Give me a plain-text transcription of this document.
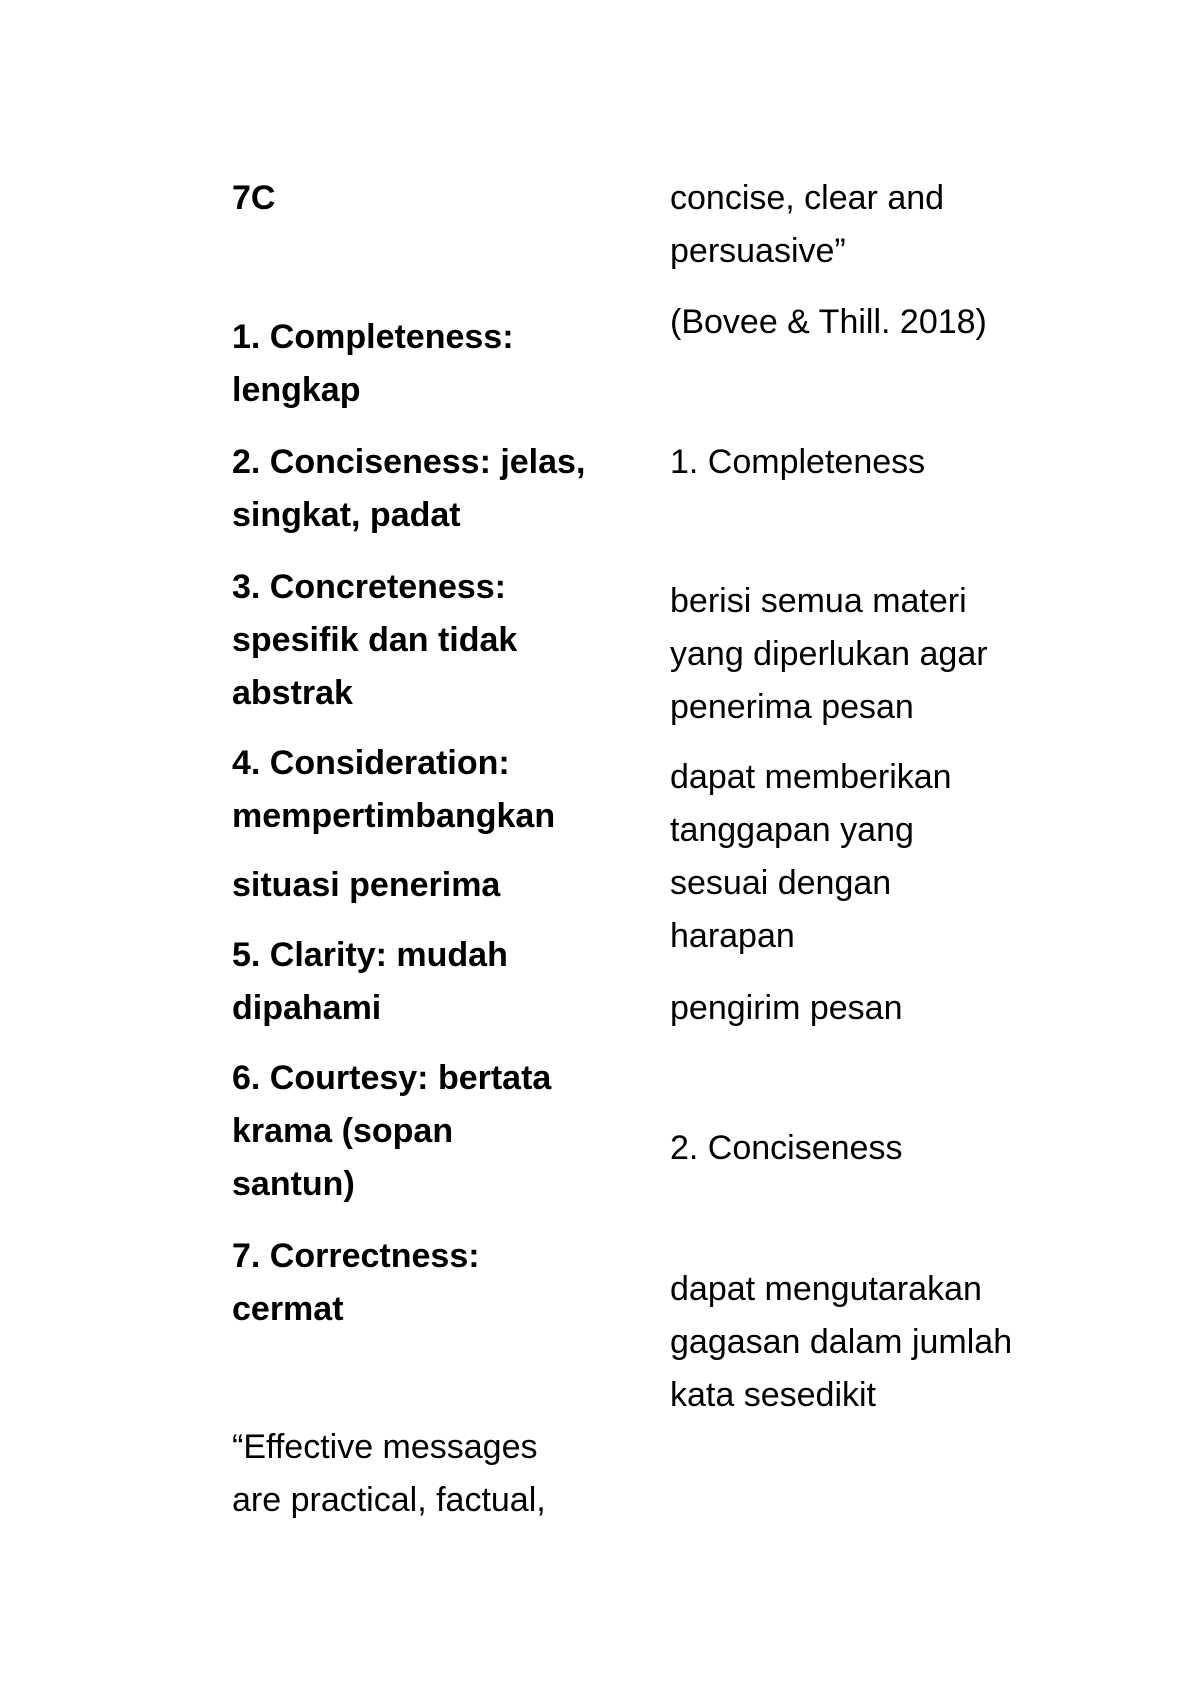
7C

1. Completeness:

lengkap

2. Conciseness: jelas,

singkat, padat

3. Concreteness:

spesifik dan tidak

abstrak

4. Consideration:

mempertimbangkan

situasi penerima

5. Clarity: mudah

dipahami

6. Courtesy: bertata

krama (sopan

santun)

7. Correctness:

cermat

“Effective messages

are practical, factual,

concise, clear and

persuasive”

(Bovee & Thill. 2018)

1. Completeness

berisi semua materi

yang diperlukan agar

penerima pesan

dapat memberikan

tanggapan yang

sesuai dengan

harapan

pengirim pesan

2. Conciseness

dapat mengutarakan

gagasan dalam jumlah

kata sesedikit
